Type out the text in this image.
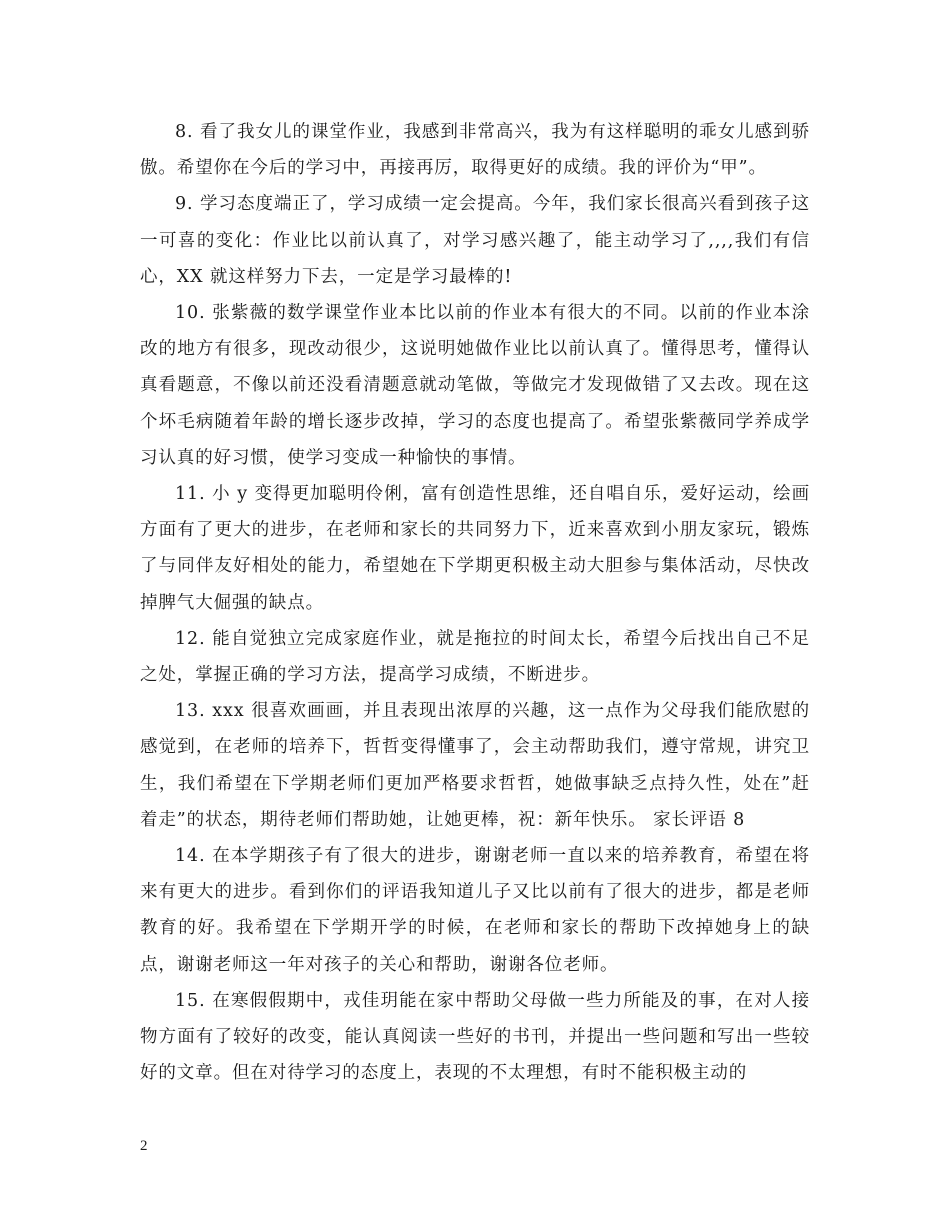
8. 看了我女儿的课堂作业，我感到非常高兴，我为有这样聪明的乖女儿感到骄傲。希望你在今后的学习中，再接再厉，取得更好的成绩。我的评价为“甲”。

9. 学习态度端正了，学习成绩一定会提高。今年，我们家长很高兴看到孩子这一可喜的变化：作业比以前认真了，对学习感兴趣了，能主动学习了,,,,我们有信心，XX 就这样努力下去，一定是学习最棒的!

10. 张紫薇的数学课堂作业本比以前的作业本有很大的不同。以前的作业本涂改的地方有很多，现改动很少，这说明她做作业比以前认真了。懂得思考，懂得认真看题意，不像以前还没看清题意就动笔做，等做完才发现做错了又去改。现在这个坏毛病随着年龄的增长逐步改掉，学习的态度也提高了。希望张紫薇同学养成学习认真的好习惯，使学习变成一种愉快的事情。

11. 小 y 变得更加聪明伶俐，富有创造性思维，还自唱自乐，爱好运动，绘画方面有了更大的进步，在老师和家长的共同努力下，近来喜欢到小朋友家玩，锻炼了与同伴友好相处的能力，希望她在下学期更积极主动大胆参与集体活动，尽快改掉脾气大倔强的缺点。

12. 能自觉独立完成家庭作业，就是拖拉的时间太长，希望今后找出自己不足之处，掌握正确的学习方法，提高学习成绩，不断进步。

13. xxx 很喜欢画画，并且表现出浓厚的兴趣，这一点作为父母我们能欣慰的感觉到，在老师的培养下，哲哲变得懂事了，会主动帮助我们，遵守常规，讲究卫生，我们希望在下学期老师们更加严格要求哲哲，她做事缺乏点持久性，处在”赶着走”的状态，期待老师们帮助她，让她更棒，祝：新年快乐。 家长评语 8

14. 在本学期孩子有了很大的进步，谢谢老师一直以来的培养教育，希望在将来有更大的进步。看到你们的评语我知道儿子又比以前有了很大的进步，都是老师教育的好。我希望在下学期开学的时候，在老师和家长的帮助下改掉她身上的缺点，谢谢老师这一年对孩子的关心和帮助，谢谢各位老师。

15. 在寒假假期中，戎佳玥能在家中帮助父母做一些力所能及的事，在对人接物方面有了较好的改变，能认真阅读一些好的书刊，并提出一些问题和写出一些较好的文章。但在对待学习的态度上，表现的不太理想，有时不能积极主动的

2
